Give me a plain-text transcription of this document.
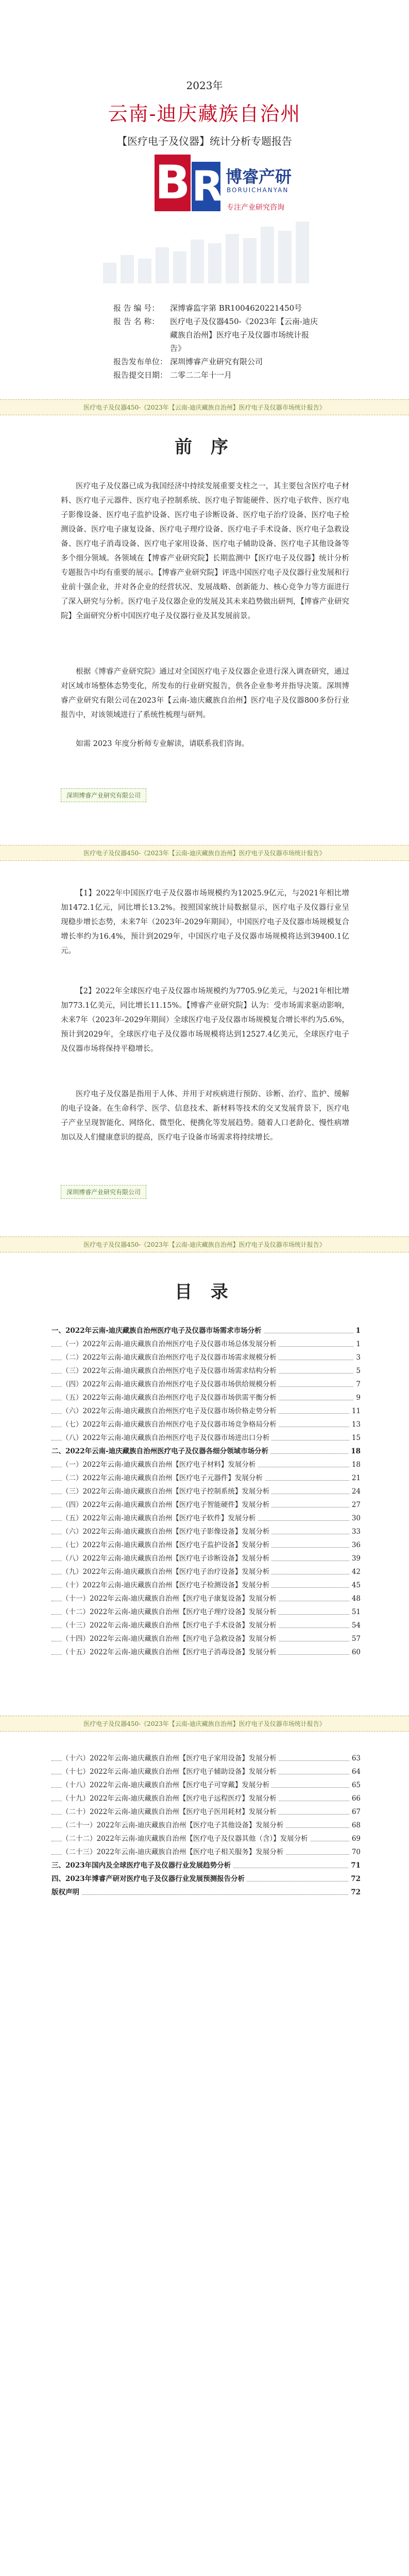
2023年
云南-迪庆藏族自治州
【医疗电子及仪器】统计分析专题报告
B R 博睿产研
BORUICHANYAN
专注产业研究咨询
报 告 编 号： 深博睿监字第 BR1004620221450号
报 告 名 称： 医疗电子及仪器450-《2023年【云南-迪庆藏族自治州】医疗电子及仪器市场统计报告》
报告发布单位： 深圳博睿产业研究有限公司
报告提交日期： 二零二二年十一月
医疗电子及仪器450-《2023年【云南-迪庆藏族自治州】医疗电子及仪器市场统计报告》
前 序
医疗电子及仪器已成为我国经济中持续发展重要支柱之一，其主要包含医疗电子材料、医疗电子元器件、医疗电子控制系统、医疗电子智能硬件、医疗电子软件、医疗电子影像设备、医疗电子监护设备、医疗电子诊断设备、医疗电子治疗设备、医疗电子检测设备、医疗电子康复设备、医疗电子理疗设备、医疗电子手术设备、医疗电子急救设备、医疗电子消毒设备、医疗电子家用设备、医疗电子辅助设备、医疗电子其他设备等多个细分领域。各领域在【博睿产业研究院】长期监测中【医疗电子及仪器】统计分析专题报告中均有重要的展示。【博睿产业研究院】评选中国医疗电子及仪器行业发展和行业前十强企业，并对各企业的经营状况、发展战略、创新能力、核心竞争力等方面进行了深入研究与分析。医疗电子及仪器企业的发展及其未来趋势做出研判，【博睿产业研究院】全面研究分析中国医疗电子及仪器行业及其发展前景。
根据《博睿产业研究院》通过对全国医疗电子及仪器企业进行深入调查研究，通过对区域市场整体态势变化，所发布的行业研究报告，供各企业参考并指导决策。深圳博睿产业研究有限公司在2023年【云南-迪庆藏族自治州】医疗电子及仪器800多份行业报告中，对该领域进行了系统性梳理与研判。
如需 2023 年度分析师专业解读，请联系我们咨询。
深圳博睿产业研究有限公司
医疗电子及仪器450-《2023年【云南-迪庆藏族自治州】医疗电子及仪器市场统计报告》
【1】2022年中国医疗电子及仪器市场规模约为12025.9亿元，与2021年相比增加1472.1亿元，同比增长13.2%。按照国家统计局数据显示，医疗电子及仪器行业呈现稳步增长态势，未来7年（2023年-2029年期间），中国医疗电子及仪器市场规模复合增长率约为16.4%，预计到2029年，中国医疗电子及仪器市场规模将达到39400.1亿元。
【2】2022年全球医疗电子及仪器市场规模约为7705.9亿美元，与2021年相比增加773.1亿美元，同比增长11.15%。【博睿产业研究院】认为：受市场需求驱动影响，未来7年（2023年-2029年期间）全球医疗电子及仪器市场规模复合增长率约为5.6%，预计到2029年，全球医疗电子及仪器市场规模将达到12527.4亿美元，全球医疗电子及仪器市场将保持平稳增长。
医疗电子及仪器是指用于人体、并用于对疾病进行预防、诊断、治疗、监护、缓解的电子设备。在生命科学、医学、信息技术、新材料等技术的交叉发展背景下，医疗电子产业呈现智能化、网络化、微型化、便携化等发展趋势。随着人口老龄化、慢性病增加以及人们健康意识的提高，医疗电子设备市场需求将持续增长。
深圳博睿产业研究有限公司
医疗电子及仪器450-《2023年【云南-迪庆藏族自治州】医疗电子及仪器市场统计报告》
目 录
一、2022年云南-迪庆藏族自治州医疗电子及仪器市场需求市场分析	1
（一）2022年云南-迪庆藏族自治州医疗电子及仪器市场总体发展分析	1
（二）2022年云南-迪庆藏族自治州医疗电子及仪器市场需求规模分析	3
（三）2022年云南-迪庆藏族自治州医疗电子及仪器市场需求结构分析	5
（四）2022年云南-迪庆藏族自治州医疗电子及仪器市场供给规模分析	7
（五）2022年云南-迪庆藏族自治州医疗电子及仪器市场供需平衡分析	9
（六）2022年云南-迪庆藏族自治州医疗电子及仪器市场价格走势分析	11
（七）2022年云南-迪庆藏族自治州医疗电子及仪器市场竞争格局分析	13
（八）2022年云南-迪庆藏族自治州医疗电子及仪器市场进出口分析	15
二、2022年云南-迪庆藏族自治州医疗电子及仪器各细分领域市场分析	18
（一）2022年云南-迪庆藏族自治州【医疗电子材料】发展分析	18
（二）2022年云南-迪庆藏族自治州【医疗电子元器件】发展分析	21
（三）2022年云南-迪庆藏族自治州【医疗电子控制系统】发展分析	24
（四）2022年云南-迪庆藏族自治州【医疗电子智能硬件】发展分析	27
（五）2022年云南-迪庆藏族自治州【医疗电子软件】发展分析	30
（六）2022年云南-迪庆藏族自治州【医疗电子影像设备】发展分析	33
（七）2022年云南-迪庆藏族自治州【医疗电子监护设备】发展分析	36
（八）2022年云南-迪庆藏族自治州【医疗电子诊断设备】发展分析	39
（九）2022年云南-迪庆藏族自治州【医疗电子治疗设备】发展分析	42
（十）2022年云南-迪庆藏族自治州【医疗电子检测设备】发展分析	45
（十一）2022年云南-迪庆藏族自治州【医疗电子康复设备】发展分析	48
（十二）2022年云南-迪庆藏族自治州【医疗电子理疗设备】发展分析	51
（十三）2022年云南-迪庆藏族自治州【医疗电子手术设备】发展分析	54
（十四）2022年云南-迪庆藏族自治州【医疗电子急救设备】发展分析	57
（十五）2022年云南-迪庆藏族自治州【医疗电子消毒设备】发展分析	60
医疗电子及仪器450-《2023年【云南-迪庆藏族自治州】医疗电子及仪器市场统计报告》
（十六）2022年云南-迪庆藏族自治州【医疗电子家用设备】发展分析	63
（十七）2022年云南-迪庆藏族自治州【医疗电子辅助设备】发展分析	64
（十八）2022年云南-迪庆藏族自治州【医疗电子可穿戴】发展分析	65
（十九）2022年云南-迪庆藏族自治州【医疗电子远程医疗】发展分析	66
（二十）2022年云南-迪庆藏族自治州【医疗电子医用耗材】发展分析	67
（二十一）2022年云南-迪庆藏族自治州【医疗电子其他设备】发展分析	68
（二十二）2022年云南-迪庆藏族自治州【医疗电子及仪器其他（含）】发展分析	69
（二十三）2022年云南-迪庆藏族自治州【医疗电子相关服务】发展分析	70
三、2023年国内及全球医疗电子及仪器行业发展趋势分析	71
四、2023年博睿产研对医疗电子及仪器行业发展预测报告分析	72
版权声明	72
